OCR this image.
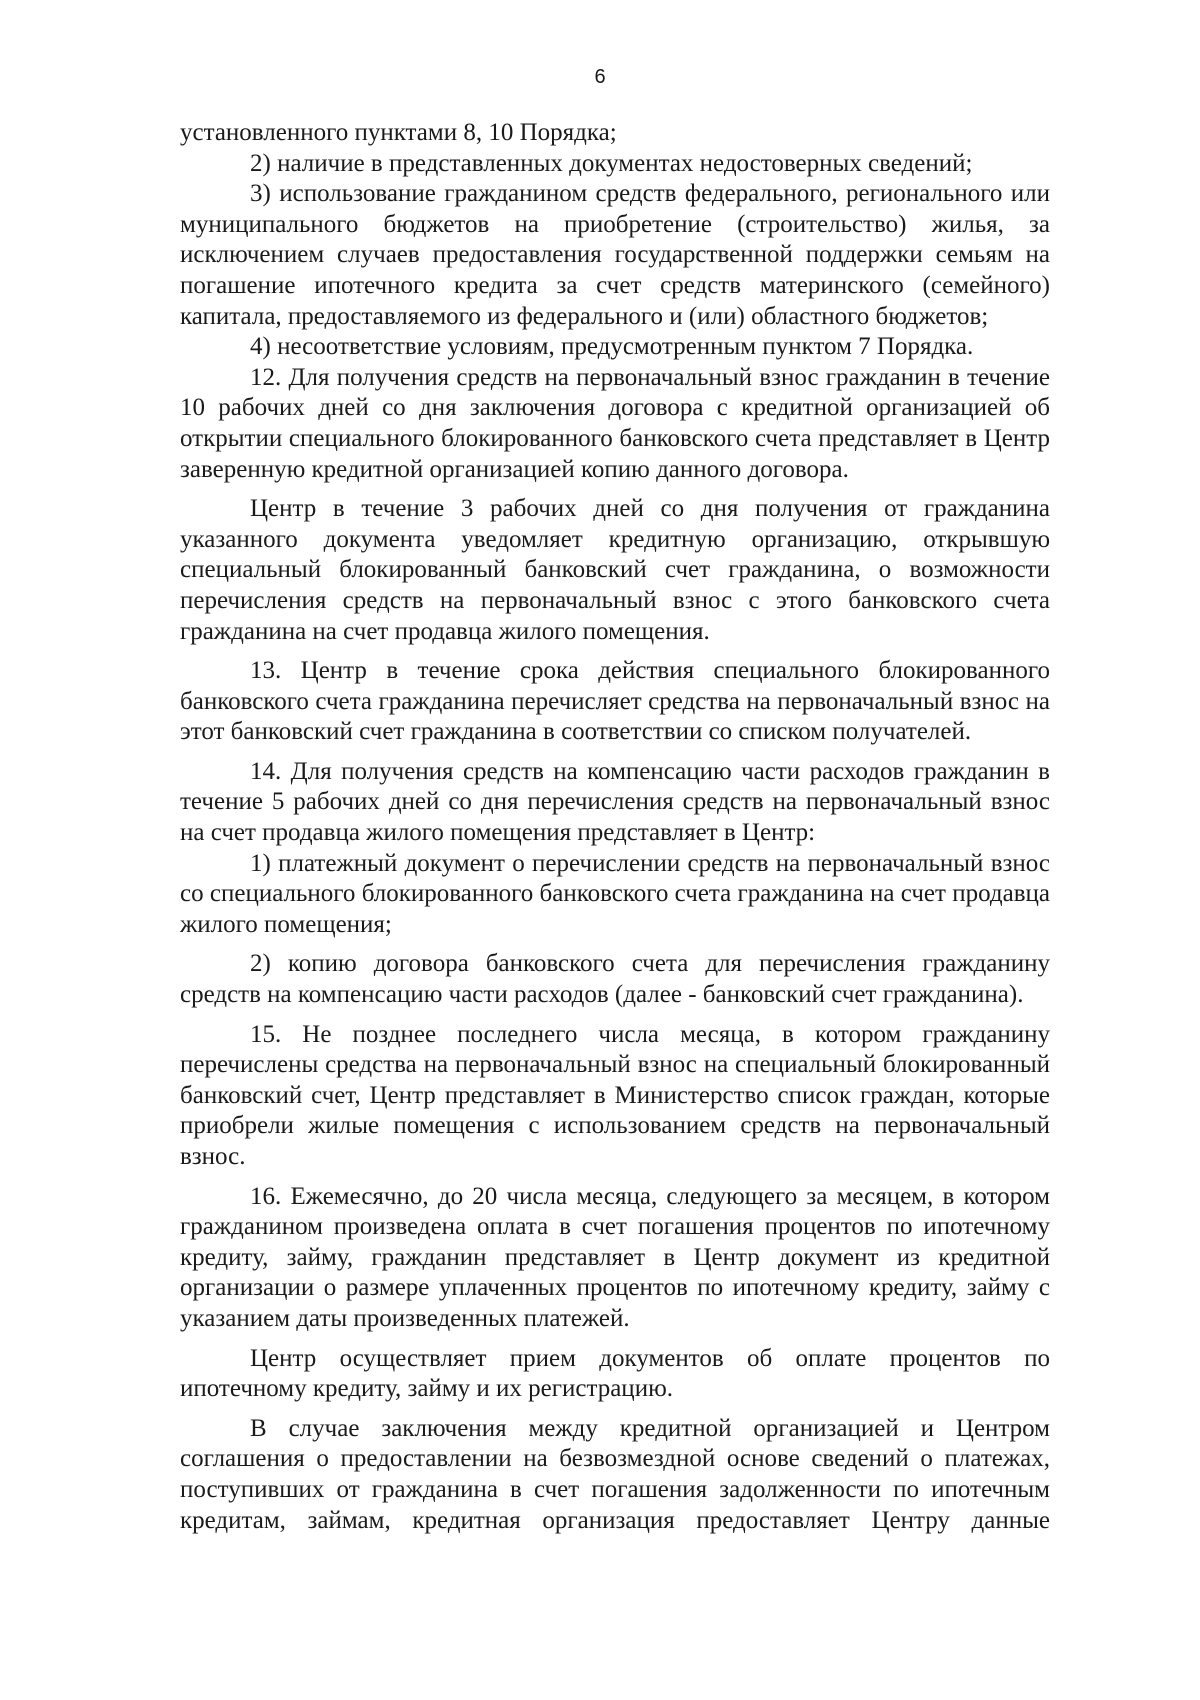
6

установленного пунктами 8, 10 Порядка;

2) наличие в представленных документах недостоверных сведений;

3) использование гражданином средств федерального, регионального или муниципального бюджетов на приобретение (строительство) жилья, за исключением случаев предоставления государственной поддержки семьям на погашение ипотечного кредита за счет средств материнского (семейного) капитала, предоставляемого из федерального и (или) областного бюджетов;

4) несоответствие условиям, предусмотренным пунктом 7 Порядка.

12. Для получения средств на первоначальный взнос гражданин в течение 10 рабочих дней со дня заключения договора с кредитной организацией об открытии специального блокированного банковского счета представляет в Центр заверенную кредитной организацией копию данного договора.

Центр в течение 3 рабочих дней со дня получения от гражданина указанного документа уведомляет кредитную организацию, открывшую специальный блокированный банковский счет гражданина, о возможности перечисления средств на первоначальный взнос с этого банковского счета гражданина на счет продавца жилого помещения.

13. Центр в течение срока действия специального блокированного банковского счета гражданина перечисляет средства на первоначальный взнос на этот банковский счет гражданина в соответствии со списком получателей.

14. Для получения средств на компенсацию части расходов гражданин в течение 5 рабочих дней со дня перечисления средств на первоначальный взнос на счет продавца жилого помещения представляет в Центр:

1) платежный документ о перечислении средств на первоначальный взнос со специального блокированного банковского счета гражданина на счет продавца жилого помещения;

2) копию договора банковского счета для перечисления гражданину средств на компенсацию части расходов (далее - банковский счет гражданина).

15. Не позднее последнего числа месяца, в котором гражданину перечислены средства на первоначальный взнос на специальный блокированный банковский счет, Центр представляет в Министерство список граждан, которые приобрели жилые помещения с использованием средств на первоначальный взнос.

16. Ежемесячно, до 20 числа месяца, следующего за месяцем, в котором гражданином произведена оплата в счет погашения процентов по ипотечному кредиту, займу, гражданин представляет в Центр документ из кредитной организации о размере уплаченных процентов по ипотечному кредиту, займу с указанием даты произведенных платежей.

Центр осуществляет прием документов об оплате процентов по ипотечному кредиту, займу и их регистрацию.

В случае заключения между кредитной организацией и Центром соглашения о предоставлении на безвозмездной основе сведений о платежах, поступивших от гражданина в счет погашения задолженности по ипотечным кредитам, займам, кредитная организация предоставляет Центру данные
